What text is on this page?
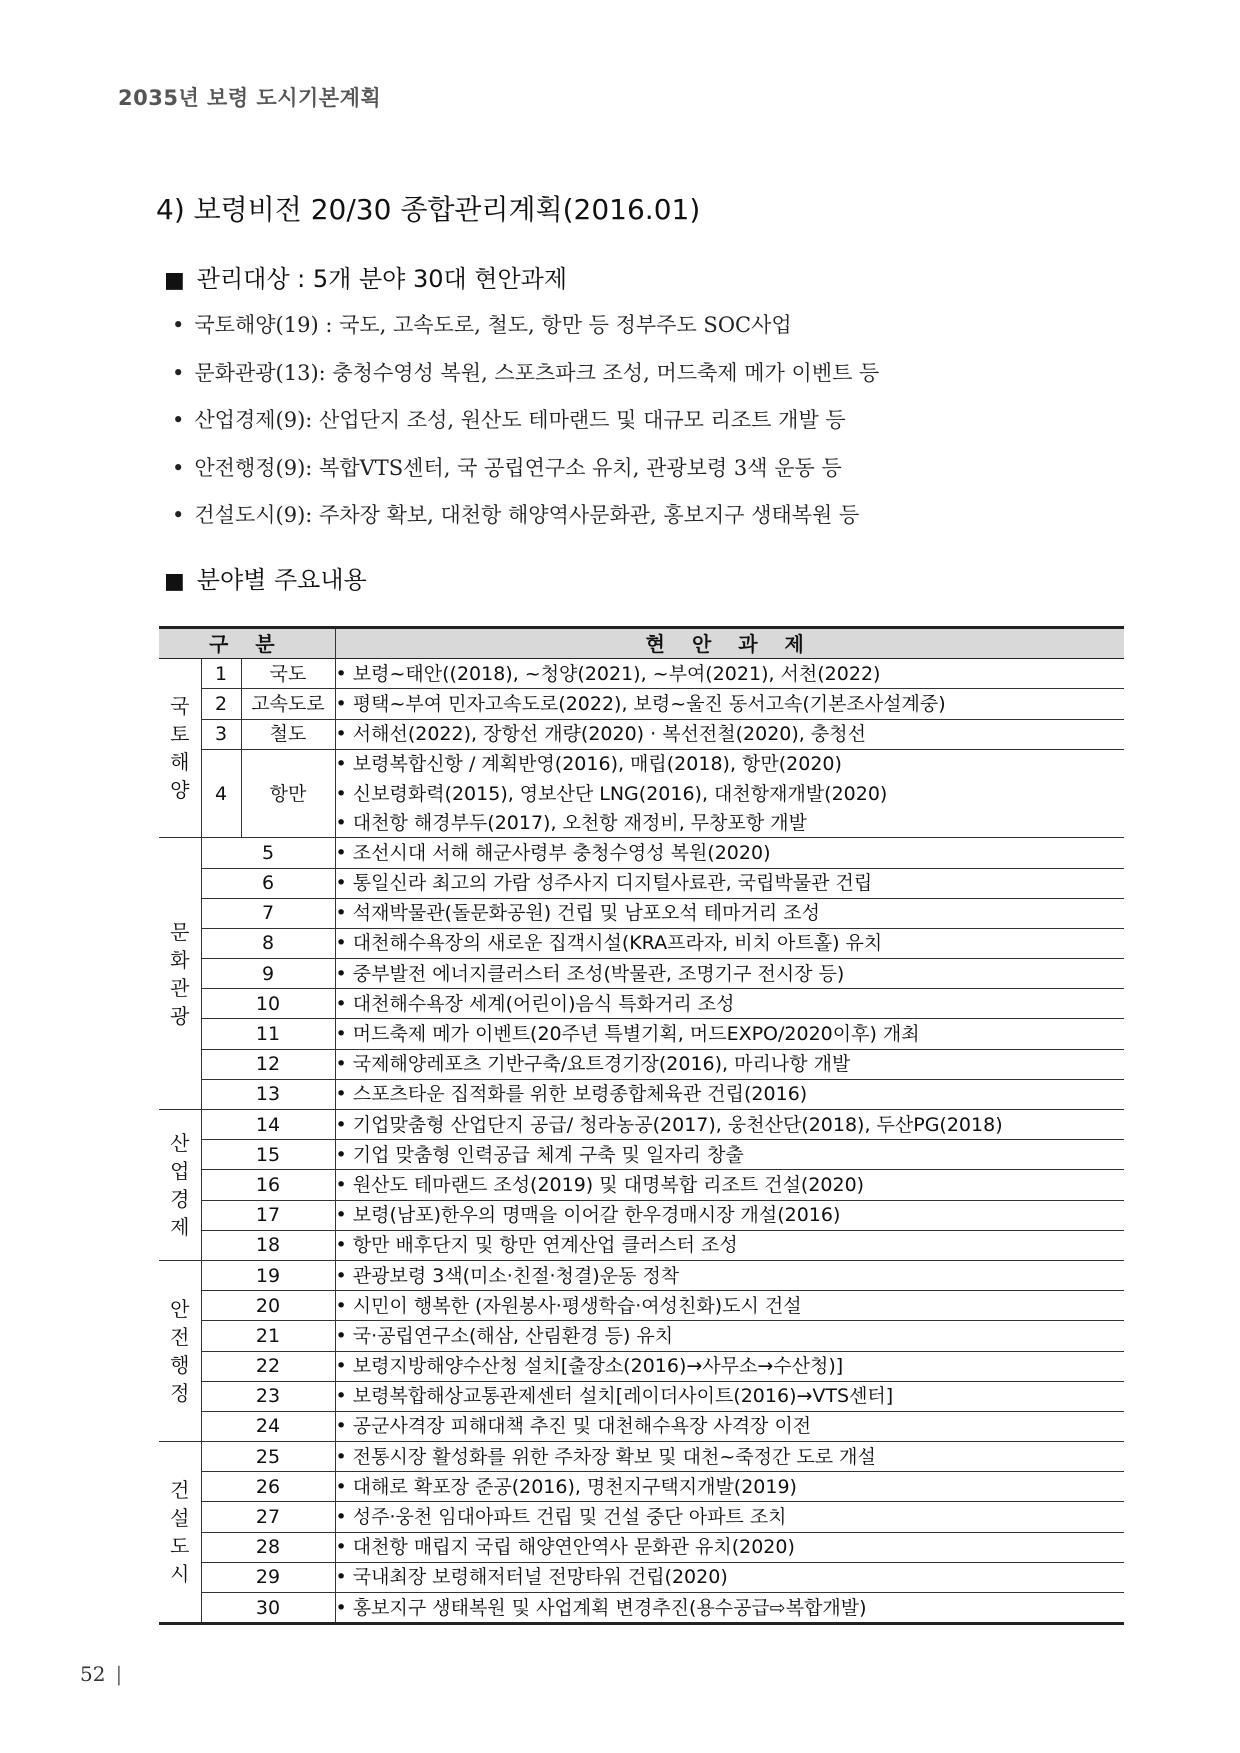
2035년 보령 도시기본계획
4) 보령비전 20/30 종합관리계획(2016.01)
■ 관리대상 : 5개 분야 30대 현안과제
• 국토해양(19) : 국도, 고속도로, 철도, 항만 등 정부주도 SOC사업
• 문화관광(13): 충청수영성 복원, 스포츠파크 조성, 머드축제 메가 이벤트 등
• 산업경제(9): 산업단지 조성, 원산도 테마랜드 및 대규모 리조트 개발 등
• 안전행정(9): 복합VTS센터, 국 공립연구소 유치, 관광보령 3색 운동 등
• 건설도시(9): 주차장 확보, 대천항 해양역사문화관, 홍보지구 생태복원 등
■ 분야별 주요내용
구 분			현 안 과 제

국
토
해
양	1	국도	• 보령~태안((2018), ~청양(2021), ~부여(2021), 서천(2022)
	2	고속도로	• 평택~부여 민자고속도로(2022), 보령~울진 동서고속(기본조사설계중)
	3	철도	• 서해선(2022), 장항선 개량(2020) · 복선전철(2020), 충청선
	4	항만	• 보령복합신항 / 계획반영(2016), 매립(2018), 항만(2020)
			• 신보령화력(2015), 영보산단 LNG(2016), 대천항재개발(2020)
			• 대천항 해경부두(2017), 오천항 재정비, 무창포항 개발

문
화
관
광	5		• 조선시대 서해 해군사령부 충청수영성 복원(2020)
	6		• 통일신라 최고의 가람 성주사지 디지털사료관, 국립박물관 건립
	7		• 석재박물관(돌문화공원) 건립 및 남포오석 테마거리 조성
	8		• 대천해수욕장의 새로운 집객시설(KRA프라자, 비치 아트홀) 유치
	9		• 중부발전 에너지클러스터 조성(박물관, 조명기구 전시장 등)
	10		• 대천해수욕장 세계(어린이)음식 특화거리 조성
	11		• 머드축제 메가 이벤트(20주년 특별기획, 머드EXPO/2020이후) 개최
	12		• 국제해양레포츠 기반구축/요트경기장(2016), 마리나항 개발
	13		• 스포츠타운 집적화를 위한 보령종합체육관 건립(2016)

산
업
경
제	14		• 기업맞춤형 산업단지 공급/ 청라농공(2017), 웅천산단(2018), 두산PG(2018)
	15		• 기업 맞춤형 인력공급 체계 구축 및 일자리 창출
	16		• 원산도 테마랜드 조성(2019) 및 대명복합 리조트 건설(2020)
	17		• 보령(남포)한우의 명맥을 이어갈 한우경매시장 개설(2016)
	18		• 항만 배후단지 및 항만 연계산업 클러스터 조성

안
전
행
정	19		• 관광보령 3색(미소·친절·청결)운동 정착
	20		• 시민이 행복한 (자원봉사·평생학습·여성친화)도시 건설
	21		• 국·공립연구소(해삼, 산림환경 등) 유치
	22		• 보령지방해양수산청 설치[출장소(2016)→사무소→수산청)]
	23		• 보령복합해상교통관제센터 설치[레이더사이트(2016)→VTS센터]
	24		• 공군사격장 피해대책 추진 및 대천해수욕장 사격장 이전

건
설
도
시	25		• 전통시장 활성화를 위한 주차장 확보 및 대천~죽정간 도로 개설
	26		• 대해로 확포장 준공(2016), 명천지구택지개발(2019)
	27		• 성주·웅천 임대아파트 건립 및 건설 중단 아파트 조치
	28		• 대천항 매립지 국립 해양연안역사 문화관 유치(2020)
	29		• 국내최장 보령해저터널 전망타워 건립(2020)
	30		• 홍보지구 생태복원 및 사업계획 변경추진(용수공급⇨복합개발)
52 |
